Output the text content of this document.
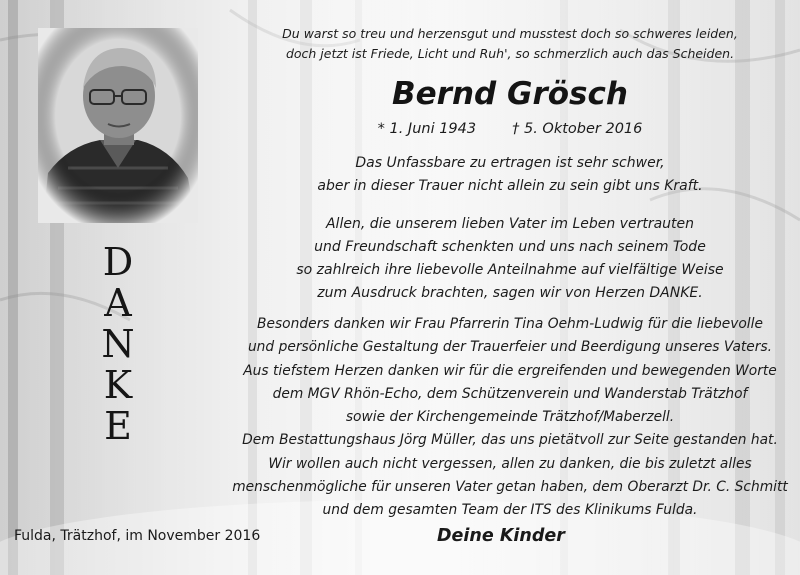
D
A
N
K
E
Du warst so treu und herzensgut und musstest doch so schweres leiden,
doch jetzt ist Friede, Licht und Ruh', so schmerzlich auch das Scheiden.
Bernd Grösch
* 1. Juni 1943 † 5. Oktober 2016
Das Unfassbare zu ertragen ist sehr schwer,
aber in dieser Trauer nicht allein zu sein gibt uns Kraft.
Allen, die unserem lieben Vater im Leben vertrauten
und Freundschaft schenkten und uns nach seinem Tode
so zahlreich ihre liebevolle Anteilnahme auf vielfältige Weise
zum Ausdruck brachten, sagen wir von Herzen DANKE.
Besonders danken wir Frau Pfarrerin Tina Oehm-Ludwig für die liebevolle
und persönliche Gestaltung der Trauerfeier und Beerdigung unseres Vaters.
Aus tiefstem Herzen danken wir für die ergreifenden und bewegenden Worte
dem MGV Rhön-Echo, dem Schützenverein und Wanderstab Trätzhof
sowie der Kirchengemeinde Trätzhof/Maberzell.
Dem Bestattungshaus Jörg Müller, das uns pietätvoll zur Seite gestanden hat.
Wir wollen auch nicht vergessen, allen zu danken, die bis zuletzt alles
menschenmögliche für unseren Vater getan haben, dem Oberarzt Dr. C. Schmitt
und dem gesamten Team der ITS des Klinikums Fulda.
Fulda, Trätzhof, im November 2016	Deine Kinder
